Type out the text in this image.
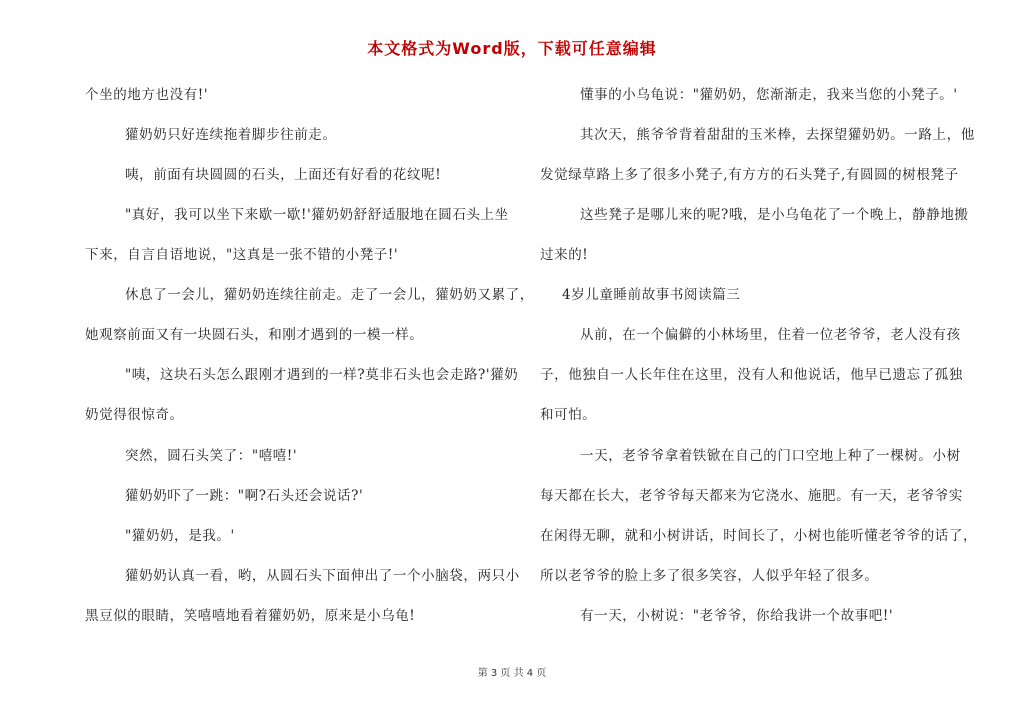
本文格式为Word版，下载可任意编辑
个坐的地方也没有!'
獾奶奶只好连续拖着脚步往前走。
咦，前面有块圆圆的石头，上面还有好看的花纹呢!
"真好，我可以坐下来歇一歇!'獾奶奶舒舒适服地在圆石头上坐
下来，自言自语地说，"这真是一张不错的小凳子!'
休息了一会儿，獾奶奶连续往前走。走了一会儿，獾奶奶又累了，
她观察前面又有一块圆石头，和刚才遇到的一模一样。
"咦，这块石头怎么跟刚才遇到的一样?莫非石头也会走路?'獾奶
奶觉得很惊奇。
突然，圆石头笑了："嘻嘻!'
獾奶奶吓了一跳："啊?石头还会说话?'
"獾奶奶，是我。'
獾奶奶认真一看，哟，从圆石头下面伸出了一个小脑袋，两只小
黑豆似的眼睛，笑嘻嘻地看着獾奶奶，原来是小乌龟!
懂事的小乌龟说："獾奶奶，您渐渐走，我来当您的小凳子。'
其次天，熊爷爷背着甜甜的玉米棒，去探望獾奶奶。一路上，他
发觉绿草路上多了很多小凳子,有方方的石头凳子,有圆圆的树根凳子
这些凳子是哪儿来的呢?哦，是小乌龟花了一个晚上，静静地搬
过来的!
4岁儿童睡前故事书阅读篇三
从前，在一个偏僻的小林场里，住着一位老爷爷，老人没有孩
子，他独自一人长年住在这里，没有人和他说话，他早已遗忘了孤独
和可怕。
一天，老爷爷拿着铁锨在自己的门口空地上种了一棵树。小树
每天都在长大，老爷爷每天都来为它浇水、施肥。有一天，老爷爷实
在闲得无聊，就和小树讲话，时间长了，小树也能听懂老爷爷的话了，
所以老爷爷的脸上多了很多笑容，人似乎年轻了很多。
有一天，小树说："老爷爷，你给我讲一个故事吧!'
第 3 页 共 4 页
